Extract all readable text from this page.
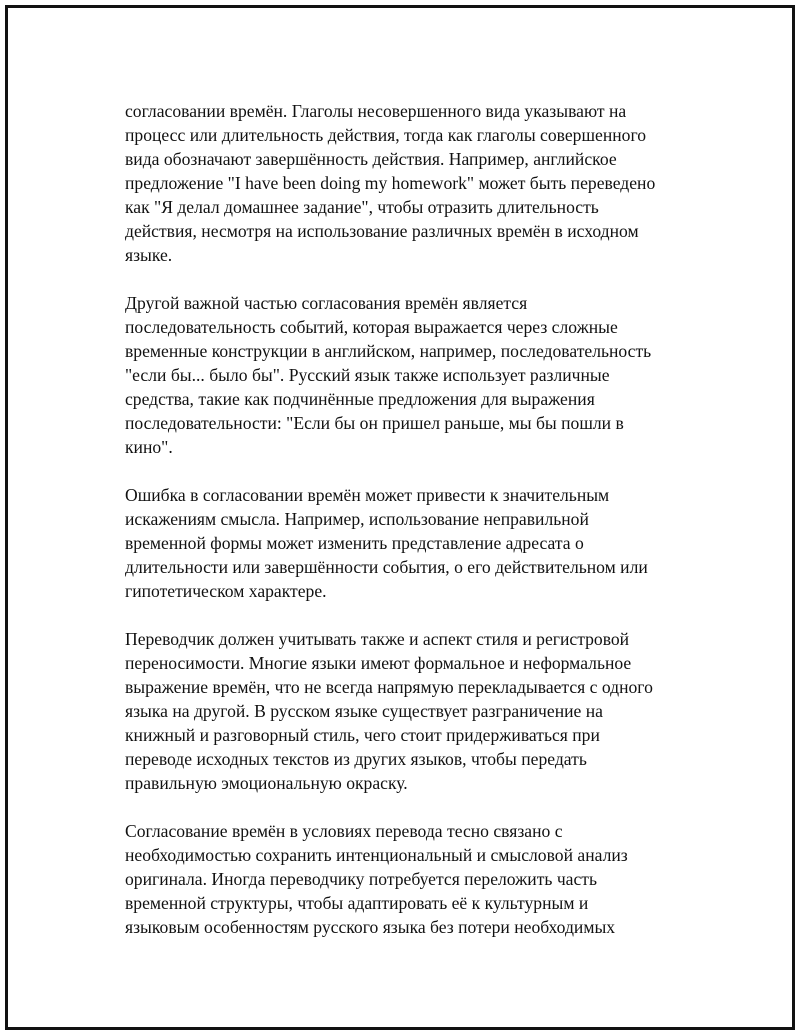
согласовании времён. Глаголы несовершенного вида указывают на
процесс или длительность действия, тогда как глаголы совершенного
вида обозначают завершённость действия. Например, английское
предложение "I have been doing my homework" может быть переведено
как "Я делал домашнее задание", чтобы отразить длительность
действия, несмотря на использование различных времён в исходном
языке.

Другой важной частью согласования времён является
последовательность событий, которая выражается через сложные
временные конструкции в английском, например, последовательность
"если бы... было бы". Русский язык также использует различные
средства, такие как подчинённые предложения для выражения
последовательности: "Если бы он пришел раньше, мы бы пошли в
кино".

Ошибка в согласовании времён может привести к значительным
искажениям смысла. Например, использование неправильной
временной формы может изменить представление адресата о
длительности или завершённости события, о его действительном или
гипотетическом характере.

Переводчик должен учитывать также и аспект стиля и регистровой
переносимости. Многие языки имеют формальное и неформальное
выражение времён, что не всегда напрямую перекладывается с одного
языка на другой. В русском языке существует разграничение на
книжный и разговорный стиль, чего стоит придерживаться при
переводе исходных текстов из других языков, чтобы передать
правильную эмоциональную окраску.

Согласование времён в условиях перевода тесно связано с
необходимостью сохранить интенциональный и смысловой анализ
оригинала. Иногда переводчику потребуется переложить часть
временной структуры, чтобы адаптировать её к культурным и
языковым особенностям русского языка без потери необходимых
